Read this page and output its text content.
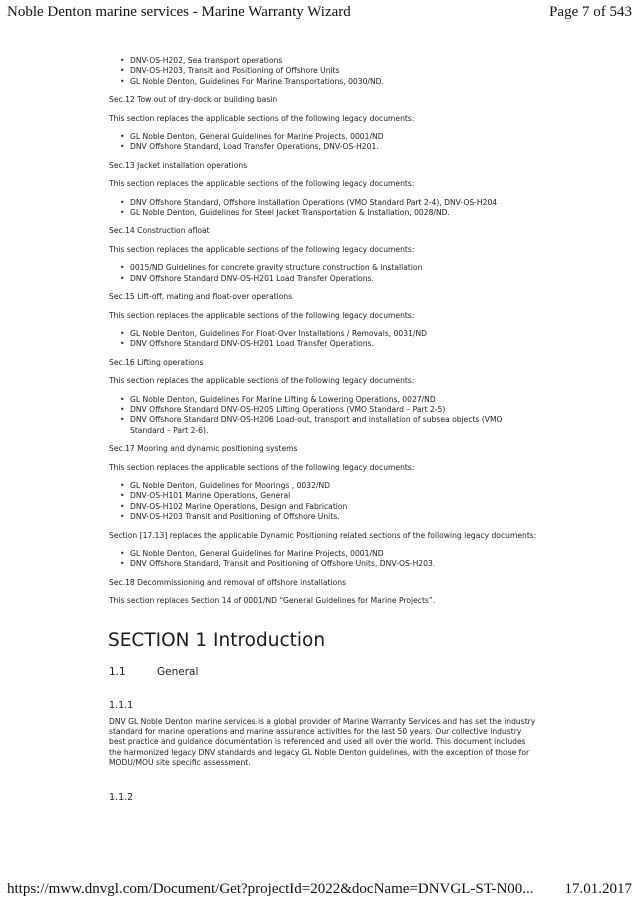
Noble Denton marine services - Marine Warranty Wizard	Page 7 of 543
• DNV-OS-H202, Sea transport operations
• DNV-OS-H203, Transit and Positioning of Offshore Units
• GL Noble Denton, Guidelines For Marine Transportations, 0030/ND.
Sec.12 Tow out of dry-dock or building basin
This section replaces the applicable sections of the following legacy documents:
• GL Noble Denton, General Guidelines for Marine Projects, 0001/ND
• DNV Offshore Standard, Load Transfer Operations, DNV-OS-H201.
Sec.13 Jacket installation operations
This section replaces the applicable sections of the following legacy documents:
• DNV Offshore Standard, Offshore Installation Operations (VMO Standard Part 2-4), DNV-OS-H204
• GL Noble Denton, Guidelines for Steel Jacket Transportation & Installation, 0028/ND.
Sec.14 Construction afloat
This section replaces the applicable sections of the following legacy documents:
• 0015/ND Guidelines for concrete gravity structure construction & installation
• DNV Offshore Standard DNV-OS-H201 Load Transfer Operations.
Sec.15 Lift-off, mating and float-over operations
This section replaces the applicable sections of the following legacy documents:
• GL Noble Denton, Guidelines For Float-Over Installations / Removals, 0031/ND
• DNV Offshore Standard DNV-OS-H201 Load Transfer Operations.
Sec.16 Lifting operations
This section replaces the applicable sections of the following legacy documents:
• GL Noble Denton, Guidelines For Marine Lifting & Lowering Operations, 0027/ND
• DNV Offshore Standard DNV-OS-H205 Lifting Operations (VMO Standard – Part 2-5)
• DNV Offshore Standard DNV-OS-H206 Load-out, transport and installation of subsea objects (VMO Standard – Part 2-6).
Sec.17 Mooring and dynamic positioning systems
This section replaces the applicable sections of the following legacy documents:
• GL Noble Denton, Guidelines for Moorings , 0032/ND
• DNV-OS-H101 Marine Operations, General
• DNV-OS-H102 Marine Operations, Design and Fabrication
• DNV-OS-H203 Transit and Positioning of Offshore Units.
Section [17.13] replaces the applicable Dynamic Positioning related sections of the following legacy documents:
• GL Noble Denton, General Guidelines for Marine Projects, 0001/ND
• DNV Offshore Standard, Transit and Positioning of Offshore Units, DNV-OS-H203.
Sec.18 Decommissioning and removal of offshore installations
This section replaces Section 14 of 0001/ND “General Guidelines for Marine Projects”.
SECTION 1 Introduction
1.1	General
1.1.1
DNV GL Noble Denton marine services is a global provider of Marine Warranty Services and has set the industry standard for marine operations and marine assurance activities for the last 50 years. Our collective industry best practice and guidance documentation is referenced and used all over the world. This document includes the harmonized legacy DNV standards and legacy GL Noble Denton guidelines, with the exception of those for MODU/MOU site specific assessment.
1.1.2
https://mww.dnvgl.com/Document/Get?projectId=2022&docName=DNVGL-ST-N00... 17.01.2017
